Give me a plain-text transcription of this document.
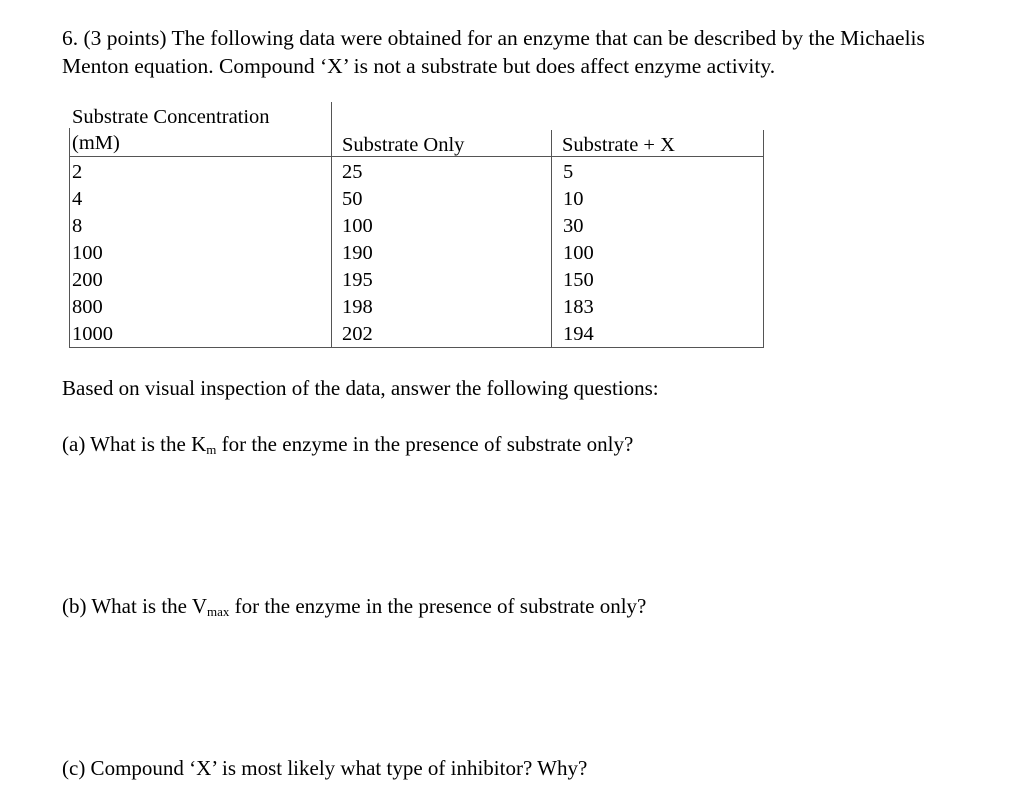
6. (3 points) The following data were obtained for an enzyme that can be described by the Michaelis
Menton equation. Compound ‘X’ is not a substrate but does affect enzyme activity.
Substrate Concentration
(mM)	Substrate Only	Substrate + X
2
4
8
100
200
800
1000
25
50
100
190
195
198
202
5
10
30
100
150
183
194
Based on visual inspection of the data, answer the following questions:
(a) What is the $K_m$ for the enzyme in the presence of substrate only?
(b) What is the $V_{max}$ for the enzyme in the presence of substrate only?
(c) Compound ‘X’ is most likely what type of inhibitor? Why?
